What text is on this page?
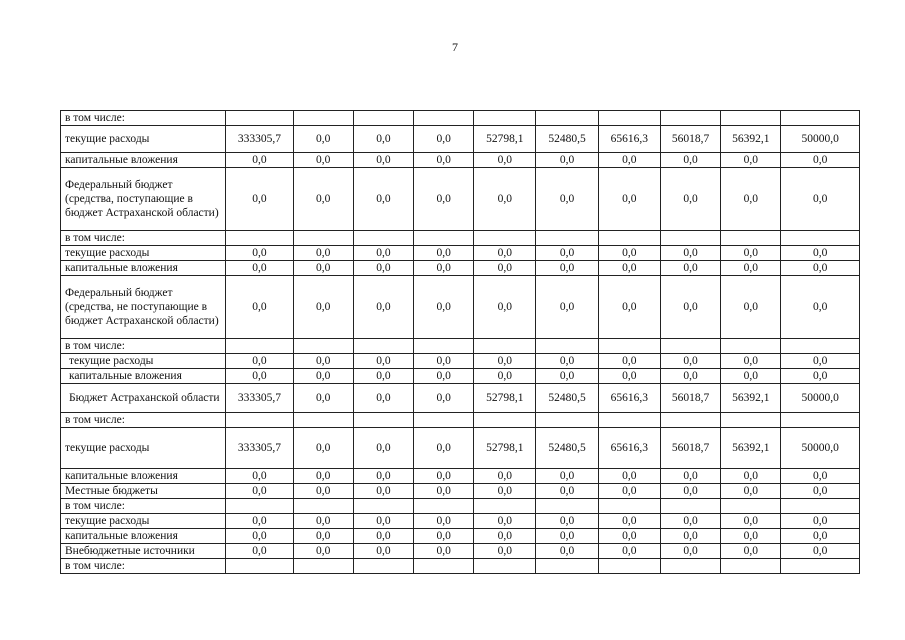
7
в том числе:										
текущие расходы	333305,7	0,0	0,0	0,0	52798,1	52480,5	65616,3	56018,7	56392,1	50000,0
капитальные вложения	0,0	0,0	0,0	0,0	0,0	0,0	0,0	0,0	0,0	0,0
Федеральный бюджет (средства, поступающие в бюджет Астраханской области)	0,0	0,0	0,0	0,0	0,0	0,0	0,0	0,0	0,0	0,0
в том числе:										
текущие расходы	0,0	0,0	0,0	0,0	0,0	0,0	0,0	0,0	0,0	0,0
капитальные вложения	0,0	0,0	0,0	0,0	0,0	0,0	0,0	0,0	0,0	0,0
Федеральный бюджет (средства, не поступающие в бюджет Астраханской области)	0,0	0,0	0,0	0,0	0,0	0,0	0,0	0,0	0,0	0,0
в том числе:										
текущие расходы	0,0	0,0	0,0	0,0	0,0	0,0	0,0	0,0	0,0	0,0
капитальные вложения	0,0	0,0	0,0	0,0	0,0	0,0	0,0	0,0	0,0	0,0
Бюджет Астраханской области	333305,7	0,0	0,0	0,0	52798,1	52480,5	65616,3	56018,7	56392,1	50000,0
в том числе:										
текущие расходы	333305,7	0,0	0,0	0,0	52798,1	52480,5	65616,3	56018,7	56392,1	50000,0
капитальные вложения	0,0	0,0	0,0	0,0	0,0	0,0	0,0	0,0	0,0	0,0
Местные бюджеты	0,0	0,0	0,0	0,0	0,0	0,0	0,0	0,0	0,0	0,0
в том числе:										
текущие расходы	0,0	0,0	0,0	0,0	0,0	0,0	0,0	0,0	0,0	0,0
капитальные вложения	0,0	0,0	0,0	0,0	0,0	0,0	0,0	0,0	0,0	0,0
Внебюджетные источники	0,0	0,0	0,0	0,0	0,0	0,0	0,0	0,0	0,0	0,0
в том числе:										
